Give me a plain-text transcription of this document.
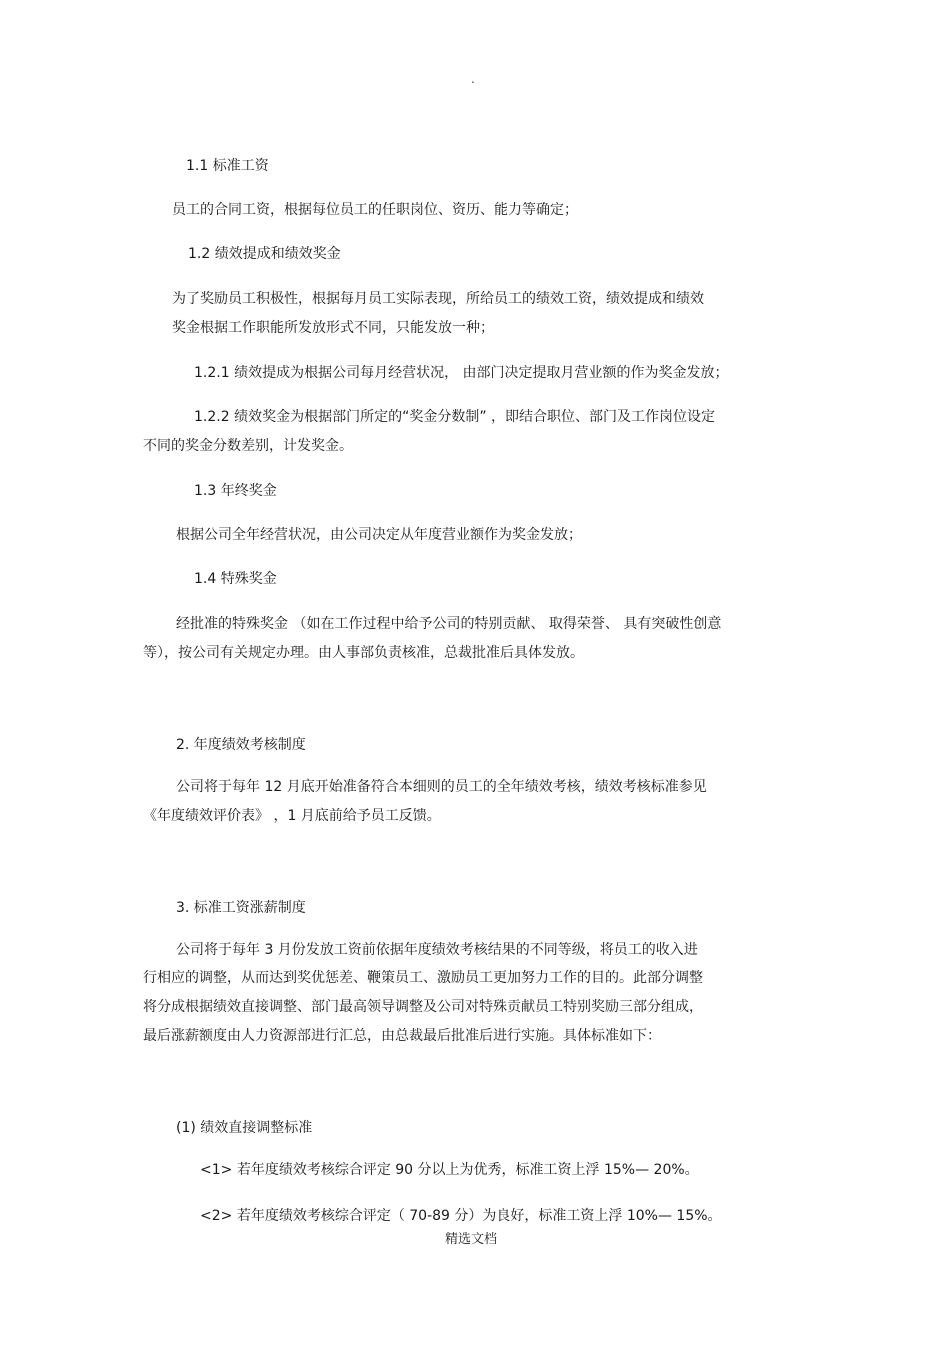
.
1.1 标准工资
员工的合同工资，根据每位员工的任职岗位、资历、能力等确定；
1.2 绩效提成和绩效奖金
为了奖励员工积极性，根据每月员工实际表现，所给员工的绩效工资，绩效提成和绩效
奖金根据工作职能所发放形式不同，只能发放一种；
1.2.1 绩效提成为根据公司每月经营状况， 由部门决定提取月营业额的作为奖金发放；
1.2.2 绩效奖金为根据部门所定的“奖金分数制” ，即结合职位、部门及工作岗位设定
不同的奖金分数差别，计发奖金。
1.3 年终奖金
根据公司全年经营状况，由公司决定从年度营业额作为奖金发放；
1.4 特殊奖金
经批准的特殊奖金 （如在工作过程中给予公司的特别贡献、 取得荣誉、 具有突破性创意
等），按公司有关规定办理。由人事部负责核准，总裁批准后具体发放。
2. 年度绩效考核制度
公司将于每年 12 月底开始准备符合本细则的员工的全年绩效考核，绩效考核标准参见
《年度绩效评价表》 ，1 月底前给予员工反馈。
3. 标准工资涨薪制度
公司将于每年 3 月份发放工资前依据年度绩效考核结果的不同等级，将员工的收入进
行相应的调整，从而达到奖优惩差、鞭策员工、激励员工更加努力工作的目的。此部分调整
将分成根据绩效直接调整、部门最高领导调整及公司对特殊贡献员工特别奖励三部分组成，
最后涨薪额度由人力资源部进行汇总，由总裁最后批准后进行实施。具体标准如下：
(1) 绩效直接调整标准
<1> 若年度绩效考核综合评定 90 分以上为优秀，标准工资上浮 15%— 20%。
<2> 若年度绩效考核综合评定（ 70-89 分）为良好，标准工资上浮 10%— 15%。
精选文档
